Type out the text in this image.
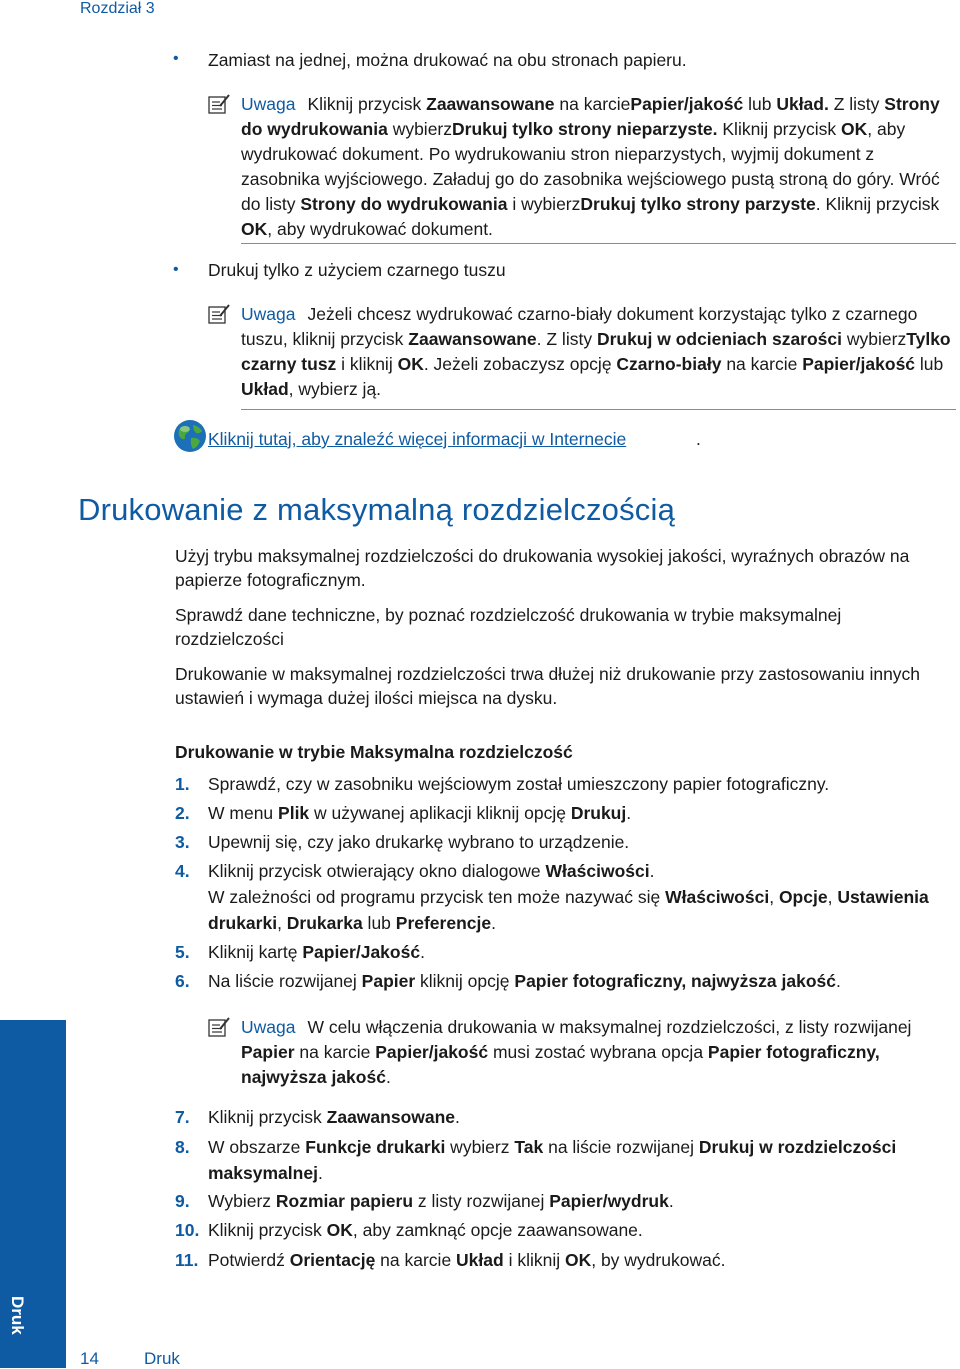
Rozdział 3
• Zamiast na jednej, można drukować na obu stronach papieru.
Uwaga Kliknij przycisk Zaawansowane na karciePapier/jakość lub Układ. Z listy Strony do wydrukowania wybierzDrukuj tylko strony nieparzyste. Kliknij przycisk OK, aby wydrukować dokument. Po wydrukowaniu stron nieparzystych, wyjmij dokument z zasobnika wyjściowego. Załaduj go do zasobnika wejściowego pustą stroną do góry. Wróć do listy Strony do wydrukowania i wybierzDrukuj tylko strony parzyste. Kliknij przycisk OK, aby wydrukować dokument.
• Drukuj tylko z użyciem czarnego tuszu
Uwaga Jeżeli chcesz wydrukować czarno-biały dokument korzystając tylko z czarnego tuszu, kliknij przycisk Zaawansowane. Z listy Drukuj w odcieniach szarości wybierzTylko czarny tusz i kliknij OK. Jeżeli zobaczysz opcję Czarno-biały na karcie Papier/jakość lub Układ, wybierz ją.
Kliknij tutaj, aby znaleźć więcej informacji w Internecie	.
Drukowanie z maksymalną rozdzielczością
Użyj trybu maksymalnej rozdzielczości do drukowania wysokiej jakości, wyraźnych obrazów na papierze fotograficznym.
Sprawdź dane techniczne, by poznać rozdzielczość drukowania w trybie maksymalnej rozdzielczości
Drukowanie w maksymalnej rozdzielczości trwa dłużej niż drukowanie przy zastosowaniu innych ustawień i wymaga dużej ilości miejsca na dysku.
Drukowanie w trybie Maksymalna rozdzielczość
1. Sprawdź, czy w zasobniku wejściowym został umieszczony papier fotograficzny.
2. W menu Plik w używanej aplikacji kliknij opcję Drukuj.
3. Upewnij się, czy jako drukarkę wybrano to urządzenie.
4. Kliknij przycisk otwierający okno dialogowe Właściwości.
W zależności od programu przycisk ten może nazywać się Właściwości, Opcje, Ustawienia drukarki, Drukarka lub Preferencje.
5. Kliknij kartę Papier/Jakość.
6. Na liście rozwijanej Papier kliknij opcję Papier fotograficzny, najwyższa jakość.
Uwaga W celu włączenia drukowania w maksymalnej rozdzielczości, z listy rozwijanej Papier na karcie Papier/jakość musi zostać wybrana opcja Papier fotograficzny, najwyższa jakość.
7. Kliknij przycisk Zaawansowane.
8. W obszarze Funkcje drukarki wybierz Tak na liście rozwijanej Drukuj w rozdzielczości maksymalnej.
9. Wybierz Rozmiar papieru z listy rozwijanej Papier/wydruk.
10. Kliknij przycisk OK, aby zamknąć opcje zaawansowane.
11. Potwierdź Orientację na karcie Układ i kliknij OK, by wydrukować.
Druk
14	Druk
